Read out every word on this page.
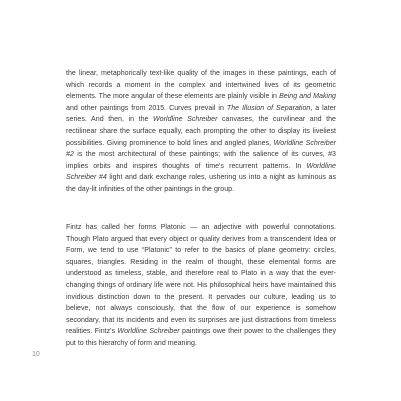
the linear, metaphorically text-like quality of the images in these paintings, each of which records a moment in the complex and intertwined lives of its geometric elements. The more angular of these elements are plainly visible in Being and Making and other paintings from 2015. Curves prevail in The Illusion of Separation, a later series. And then, in the Worldline Schreiber canvases, the curvilinear and the rectilinear share the surface equally, each prompting the other to display its liveliest possibilities. Giving prominence to bold lines and angled planes, Worldline Schreiber #2 is the most architectural of these paintings; with the salience of its curves, #3 implies orbits and inspires thoughts of time's recurrent patterns. In Worldline Schreiber #4 light and dark exchange roles, ushering us into a night as luminous as the day-lit infinities of the other paintings in the group.

Fintz has called her forms Platonic — an adjective with powerful connotations. Though Plato argued that every object or quality derives from a transcendent Idea or Form, we tend to use “Platonic” to refer to the basics of plane geometry: circles, squares, triangles. Residing in the realm of thought, these elemental forms are understood as timeless, stable, and therefore real to Plato in a way that the ever-changing things of ordinary life were not. His philosophical heirs have maintained this invidious distinction down to the present. It pervades our culture, leading us to believe, not always consciously, that the flow of our experience is somehow secondary, that its incidents and even its surprises are just distractions from timeless realities. Fintz's Worldline Schreiber paintings owe their power to the challenges they put to this hierarchy of form and meaning.

10
